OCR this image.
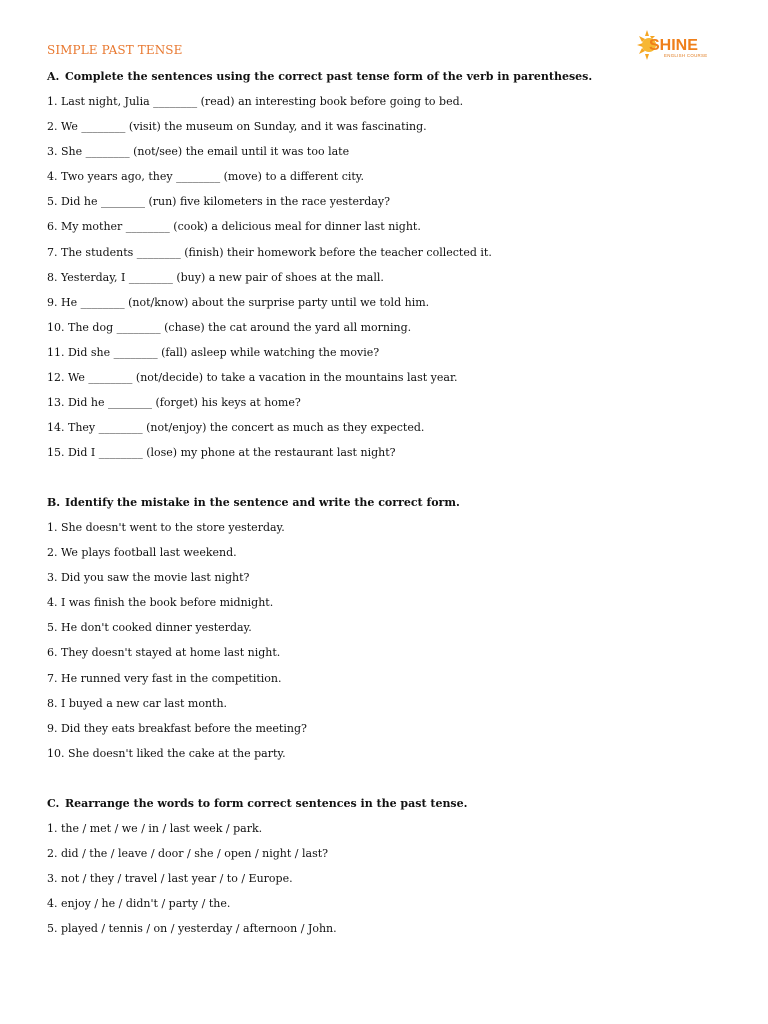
SIMPLE PAST TENSE	SHINE
ENGLISH COURSE
A. Complete the sentences using the correct past tense form of the verb in parentheses.
1. Last night, Julia ________ (read) an interesting book before going to bed.
2. We ________ (visit) the museum on Sunday, and it was fascinating.
3. She ________ (not/see) the email until it was too late
4. Two years ago, they ________ (move) to a different city.
5. Did he ________ (run) five kilometers in the race yesterday?
6. My mother ________ (cook) a delicious meal for dinner last night.
7. The students ________ (finish) their homework before the teacher collected it.
8. Yesterday, I ________ (buy) a new pair of shoes at the mall.
9. He ________ (not/know) about the surprise party until we told him.
10. The dog ________ (chase) the cat around the yard all morning.
11. Did she ________ (fall) asleep while watching the movie?
12. We ________ (not/decide) to take a vacation in the mountains last year.
13. Did he ________ (forget) his keys at home?
14. They ________ (not/enjoy) the concert as much as they expected.
15. Did I ________ (lose) my phone at the restaurant last night?
B. Identify the mistake in the sentence and write the correct form.
1. She doesn't went to the store yesterday.
2. We plays football last weekend.
3. Did you saw the movie last night?
4. I was finish the book before midnight.
5. He don't cooked dinner yesterday.
6. They doesn't stayed at home last night.
7. He runned very fast in the competition.
8. I buyed a new car last month.
9. Did they eats breakfast before the meeting?
10. She doesn't liked the cake at the party.
C. Rearrange the words to form correct sentences in the past tense.
1. the / met / we / in / last week / park.
2. did / the / leave / door / she / open / night / last?
3. not / they / travel / last year / to / Europe.
4. enjoy / he / didn't / party / the.
5. played / tennis / on / yesterday / afternoon / John.
